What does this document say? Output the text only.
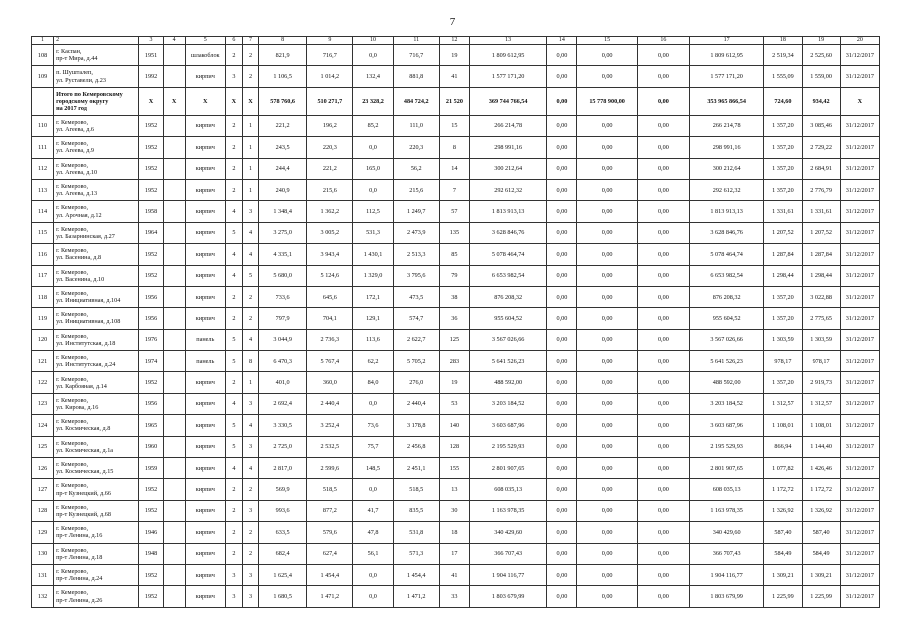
7
1	2	3	4	5	6	7	8	9	10	11	12	13	14	15	16	17	18	19	20
108	г. Каспан,
пр-т Мира, д.44	1951		шлакоблок	2	2	821,9	716,7	0,0	716,7	19	1 809 612,95	0,00	0,00	0,00	1 809 612,95	2 519,34	2 525,60	31/12/2017
109	п. Шушталеп,
ул. Руставели, д.23	1992		кирпич	3	2	1 106,5	1 014,2	132,4	881,8	41	1 577 171,20	0,00	0,00	0,00	1 577 171,20	1 555,09	1 559,00	31/12/2017
	Итого по Кемеровскому
городскому округу
на 2017 год	Х	Х	Х	Х	Х	578 760,6	510 271,7	23 328,2	484 724,2	21 520	369 744 766,54	0,00	15 778 900,00	0,00	353 965 866,54	724,60	934,42	Х
110	г. Кемерово,
ул. Агеева, д.6	1952		кирпич	2	1	221,2	196,2	85,2	111,0	15	266 214,78	0,00	0,00	0,00	266 214,78	1 357,20	3 085,46	31/12/2017
111	г. Кемерово,
ул. Агеева, д.9	1952		кирпич	2	1	243,5	220,3	0,0	220,3	8	298 991,16	0,00	0,00	0,00	298 991,16	1 357,20	2 729,22	31/12/2017
112	г. Кемерово,
ул. Агеева, д.10	1952		кирпич	2	1	244,4	221,2	165,0	56,2	14	300 212,64	0,00	0,00	0,00	300 212,64	1 357,20	2 684,91	31/12/2017
113	г. Кемерово,
ул. Агеева, д.13	1952		кирпич	2	1	240,9	215,6	0,0	215,6	7	292 612,32	0,00	0,00	0,00	292 612,32	1 357,20	2 776,79	31/12/2017
114	г. Кемерово,
ул. Арочная, д.12	1958		кирпич	4	3	1 348,4	1 362,2	112,5	1 249,7	57	1 813 913,13	0,00	0,00	0,00	1 813 913,13	1 331,61	1 331,61	31/12/2017
115	г. Кемерово,
ул. Базарнинская, д.27	1964		кирпич	5	4	3 275,0	3 005,2	531,3	2 473,9	135	3 628 846,76	0,00	0,00	0,00	3 628 846,76	1 207,52	1 207,52	31/12/2017
116	г. Кемерово,
ул. Васенина, д.8	1952		кирпич	4	4	4 335,1	3 943,4	1 430,1	2 513,3	85	5 078 464,74	0,00	0,00	0,00	5 078 464,74	1 287,84	1 287,84	31/12/2017
117	г. Кемерово,
ул. Васенина, д.10	1952		кирпич	4	5	5 680,0	5 124,6	1 329,0	3 795,6	79	6 653 982,54	0,00	0,00	0,00	6 653 982,54	1 298,44	1 298,44	31/12/2017
118	г. Кемерово,
ул. Инициативная, д.104	1956		кирпич	2	2	733,6	645,6	172,1	473,5	38	876 208,32	0,00	0,00	0,00	876 208,32	1 357,20	3 022,88	31/12/2017
119	г. Кемерово,
ул. Инициативная, д.108	1956		кирпич	2	2	797,9	704,1	129,1	574,7	36	955 604,52	0,00	0,00	0,00	955 604,52	1 357,20	2 775,65	31/12/2017
120	г. Кемерово,
ул. Институтская, д.18	1976		панель	5	4	3 044,9	2 736,3	113,6	2 622,7	125	3 567 026,66	0,00	0,00	0,00	3 567 026,66	1 303,59	1 303,59	31/12/2017
121	г. Кемерово,
ул. Институтская, д.24	1974		панель	5	8	6 470,3	5 767,4	62,2	5 705,2	283	5 641 526,23	0,00	0,00	0,00	5 641 526,23	978,17	978,17	31/12/2017
122	г. Кемерово,
ул. Карбояная, д.14	1952		кирпич	2	1	401,0	360,0	84,0	276,0	19	488 592,00	0,00	0,00	0,00	488 592,00	1 357,20	2 919,73	31/12/2017
123	г. Кемерово,
ул. Кирова, д.16	1956		кирпич	4	3	2 692,4	2 440,4	0,0	2 440,4	53	3 203 184,52	0,00	0,00	0,00	3 203 184,52	1 312,57	1 312,57	31/12/2017
124	г. Кемерово,
ул. Космическая, д.8	1965		кирпич	5	4	3 330,5	3 252,4	73,6	3 178,8	140	3 603 687,96	0,00	0,00	0,00	3 603 687,96	1 108,01	1 108,01	31/12/2017
125	г. Кемерово,
ул. Космическая, д.1а	1960		кирпич	5	3	2 725,0	2 532,5	75,7	2 456,8	128	2 195 529,93	0,00	0,00	0,00	2 195 529,93	866,94	1 144,40	31/12/2017
126	г. Кемерово,
ул. Космическая, д.15	1959		кирпич	4	4	2 817,0	2 599,6	148,5	2 451,1	155	2 801 907,65	0,00	0,00	0,00	2 801 907,65	1 077,82	1 426,46	31/12/2017
127	г. Кемерово,
пр-т Кузнецкий, д.66	1952		кирпич	2	2	569,9	518,5	0,0	518,5	13	608 035,13	0,00	0,00	0,00	608 035,13	1 172,72	1 172,72	31/12/2017
128	г. Кемерово,
пр-т Кузнецкий, д.68	1952		кирпич	2	3	993,6	877,2	41,7	835,5	30	1 163 978,35	0,00	0,00	0,00	1 163 978,35	1 326,92	1 326,92	31/12/2017
129	г. Кемерово,
пр-т Ленина, д.16	1946		кирпич	2	2	633,5	579,6	47,8	531,8	18	340 429,60	0,00	0,00	0,00	340 429,60	587,40	587,40	31/12/2017
130	г. Кемерово,
пр-т Ленина, д.18	1948		кирпич	2	2	682,4	627,4	56,1	571,3	17	366 707,43	0,00	0,00	0,00	366 707,43	584,49	584,49	31/12/2017
131	г. Кемерово,
пр-т Ленина, д.24	1952		кирпич	3	3	1 625,4	1 454,4	0,0	1 454,4	41	1 904 116,77	0,00	0,00	0,00	1 904 116,77	1 309,21	1 309,21	31/12/2017
132	г. Кемерово,
пр-т Ленина, д.26	1952		кирпич	3	3	1 680,5	1 471,2	0,0	1 471,2	33	1 803 679,99	0,00	0,00	0,00	1 803 679,99	1 225,99	1 225,99	31/12/2017
